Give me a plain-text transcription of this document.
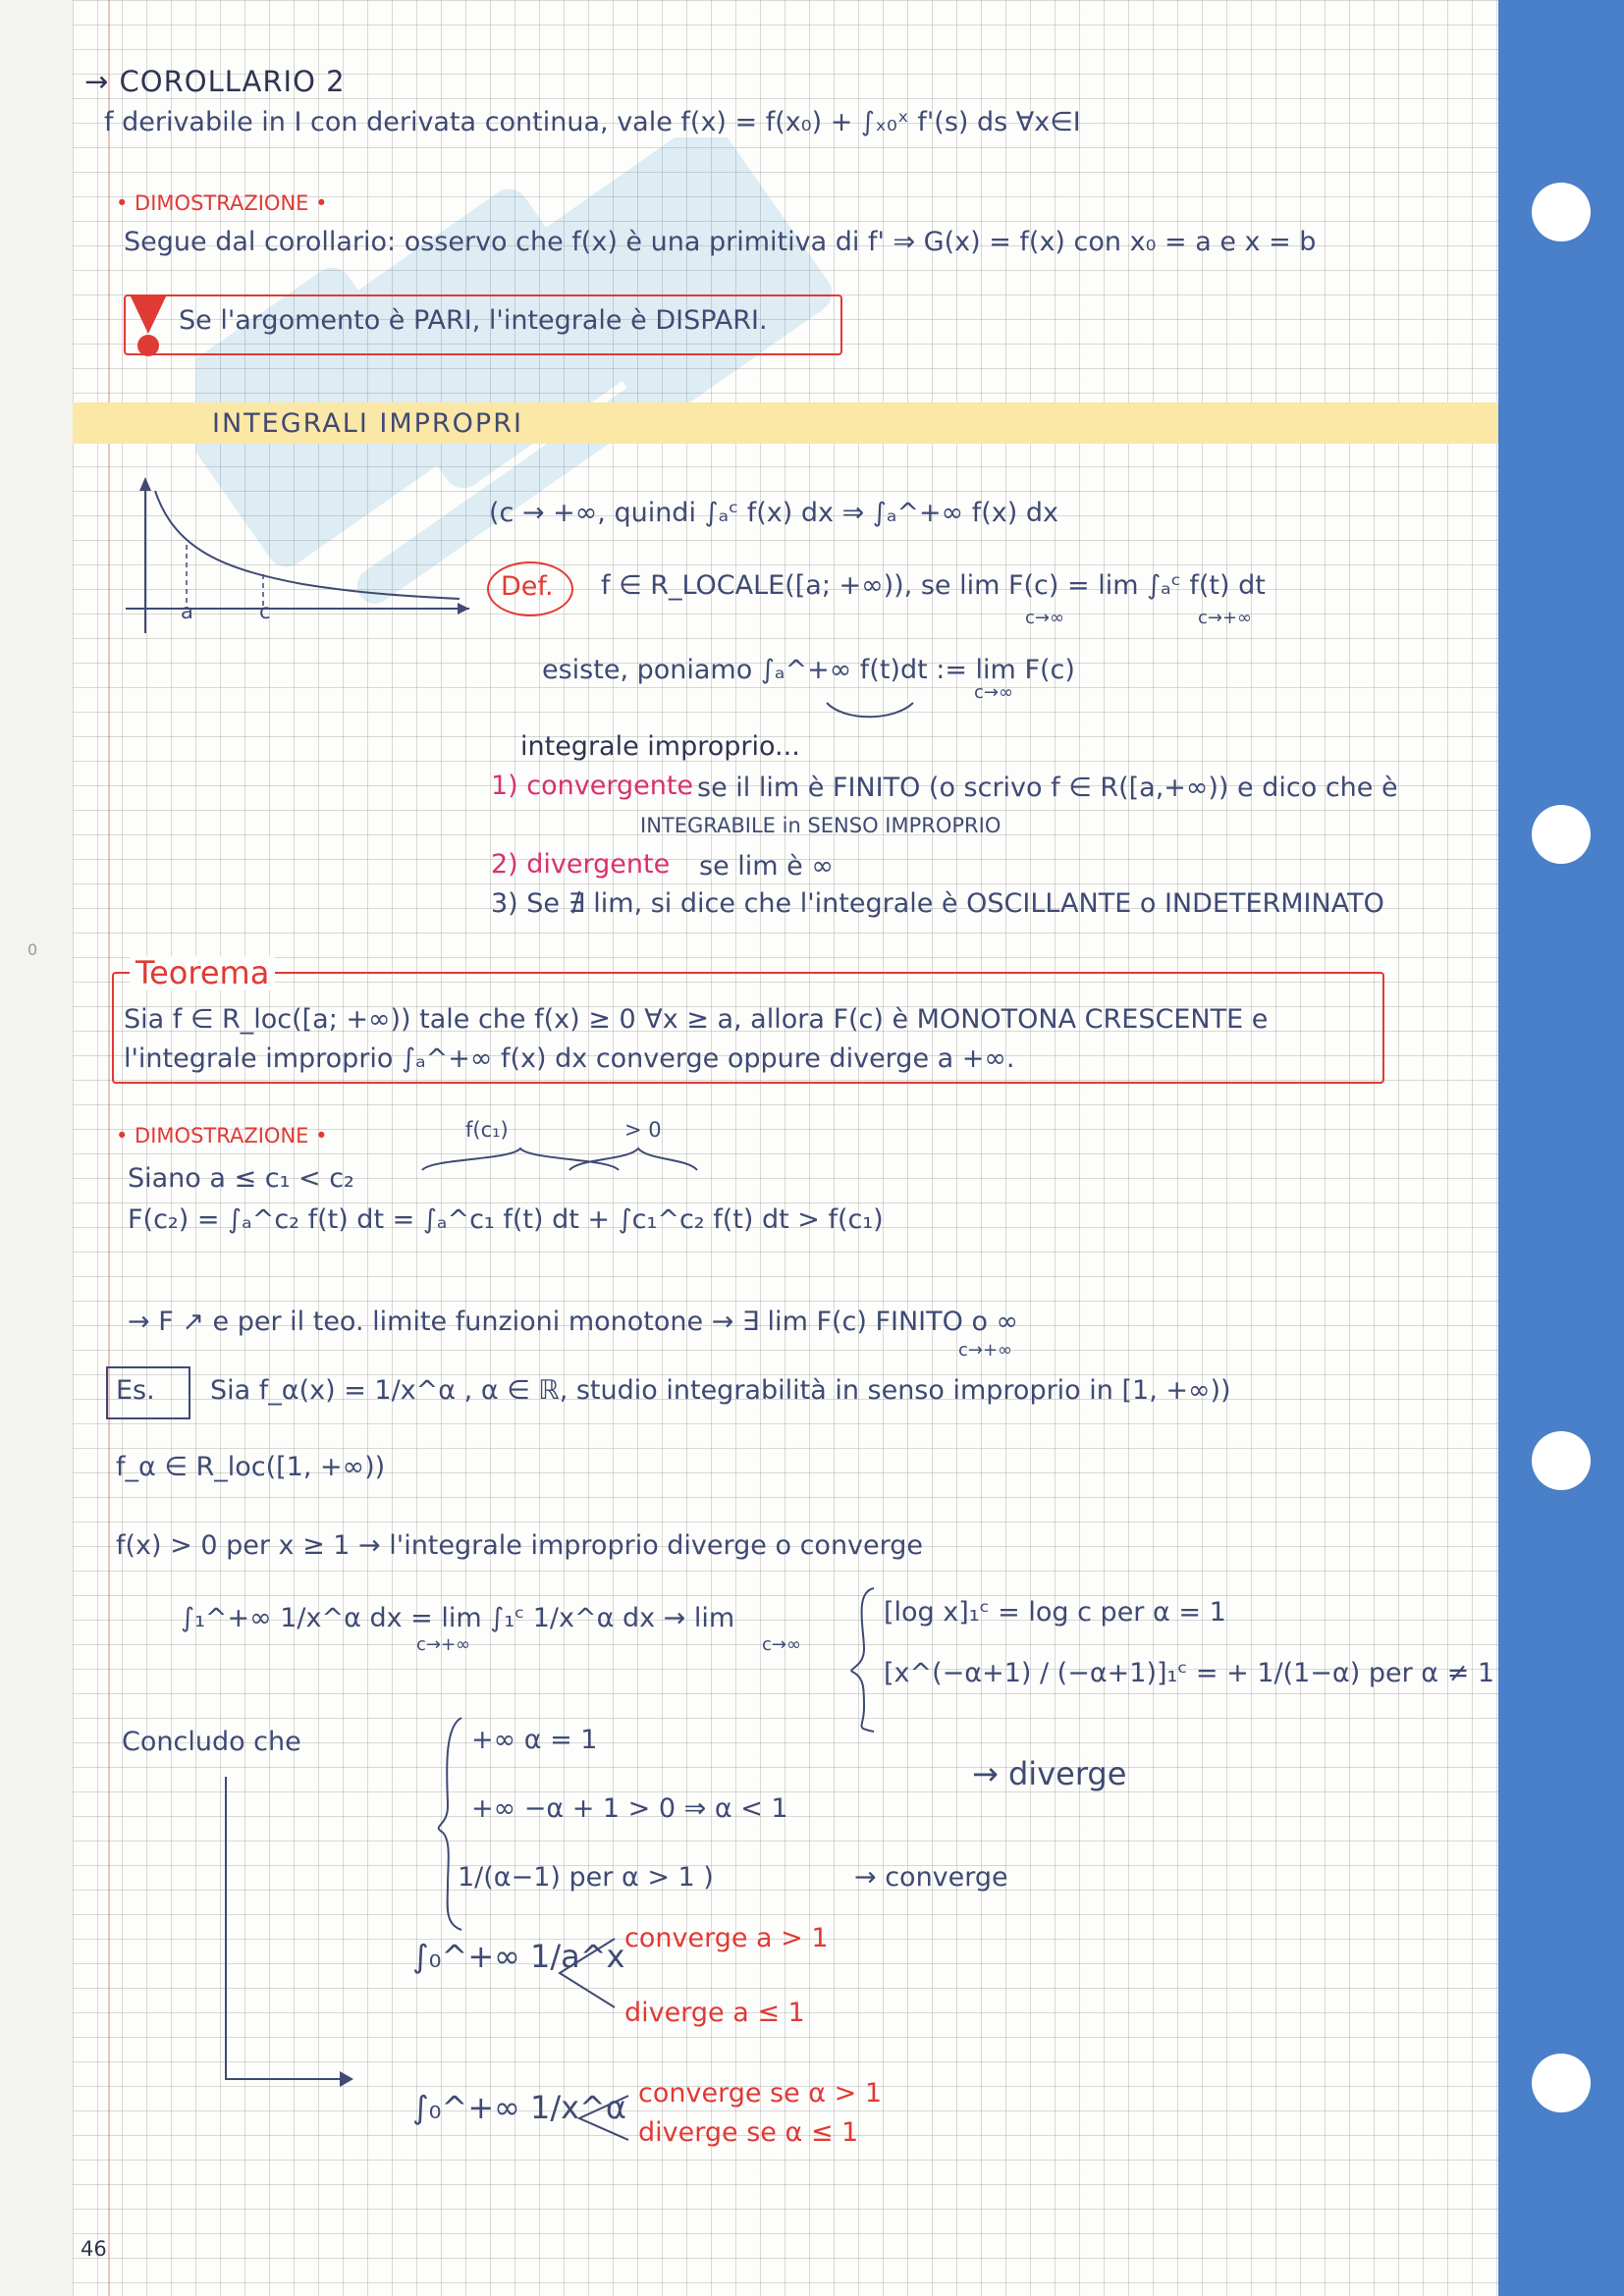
0
→ COROLLARIO 2
f derivabile in I con derivata continua, vale f(x) = f(x₀) + ∫ₓ₀ˣ f'(s) ds ∀x∈I
• DIMOSTRAZIONE •
Segue dal corollario: osservo che f(x) è una primitiva di f' ⇒ G(x) = f(x) con x₀ = a e x = b
Se l'argomento è PARI, l'integrale è DISPARI.
INTEGRALI IMPROPRI
a	c
(c → +∞, quindi ∫ₐᶜ f(x) dx ⇒ ∫ₐ^+∞ f(x) dx
Def. f ∈ R_LOCALE([a; +∞)), se lim F(c) = lim ∫ₐᶜ f(t) dt
c→∞	c→+∞
esiste, poniamo ∫ₐ^+∞ f(t)dt := lim F(c)
c→∞
integrale improprio...
1) convergente se il lim è FINITO (o scrivo f ∈ R([a,+∞)) e dico che è
INTEGRABILE in SENSO IMPROPRIO
2) divergente se lim è ∞
3) Se ∄ lim, si dice che l'integrale è OSCILLANTE o INDETERMINATO
Teorema
Sia f ∈ R_loc([a; +∞)) tale che f(x) ≥ 0 ∀x ≥ a, allora F(c) è MONOTONA CRESCENTE e
l'integrale improprio ∫ₐ^+∞ f(x) dx converge oppure diverge a +∞.
• DIMOSTRAZIONE •	f(c₁)	> 0
Siano a ≤ c₁ < c₂
F(c₂) = ∫ₐ^c₂ f(t) dt = ∫ₐ^c₁ f(t) dt + ∫c₁^c₂ f(t) dt > f(c₁)
→ F ↗ e per il teo. limite funzioni monotone → ∃ lim F(c) FINITO o ∞
c→+∞
Es. Sia f_α(x) = 1/x^α , α ∈ ℝ, studio integrabilità in senso improprio in [1, +∞))
f_α ∈ R_loc([1, +∞))
f(x) > 0 per x ≥ 1 → l'integrale improprio diverge o converge
∫₁^+∞ 1/x^α dx = lim ∫₁ᶜ 1/x^α dx → lim
c→+∞	c→∞
[log x]₁ᶜ = log c per α = 1
[x^(−α+1) / (−α+1)]₁ᶜ = + 1/(1−α) per α ≠ 1
Concludo che	+∞ α = 1
+∞ −α + 1 > 0 ⇒ α < 1
1/(α−1) per α > 1 )
→ diverge
→ converge
∫₀^+∞ 1/a^x converge a > 1
diverge a ≤ 1
∫₀^+∞ 1/x^α converge se α > 1
diverge se α ≤ 1
46
